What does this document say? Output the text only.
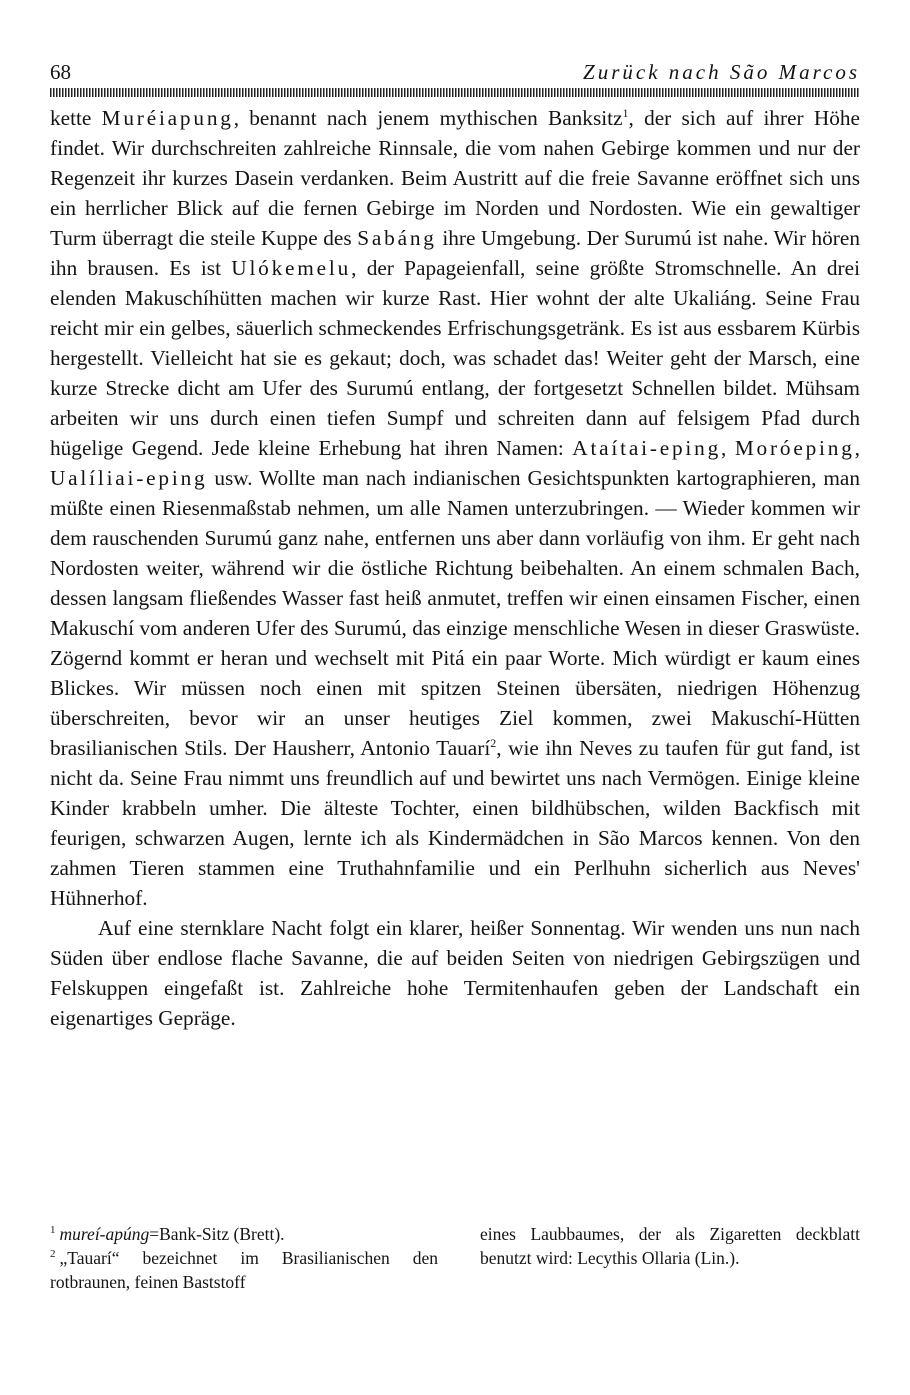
68	Zurück nach São Marcos

kette Muréiapung, benannt nach jenem mythischen Banksitz$^1$, der sich auf ihrer Höhe findet. Wir durchschreiten zahlreiche Rinnsale, die vom nahen Gebirge kommen und nur der Regenzeit ihr kurzes Dasein verdanken. Beim Austritt auf die freie Savanne eröffnet sich uns ein herrlicher Blick auf die fernen Gebirge im Norden und Nordosten. Wie ein gewaltiger Turm überragt die steile Kuppe des Sabáng ihre Umgebung. Der Surumú ist nahe. Wir hören ihn brausen. Es ist Ulókemelu, der Papageienfall, seine größte Stromschnelle. An drei elenden Makuschíhütten machen wir kurze Rast. Hier wohnt der alte Ukaliáng. Seine Frau reicht mir ein gelbes, säuerlich schmeckendes Erfrischungsgetränk. Es ist aus essbarem Kürbis hergestellt. Vielleicht hat sie es gekaut; doch, was schadet das! Weiter geht der Marsch, eine kurze Strecke dicht am Ufer des Surumú entlang, der fortgesetzt Schnellen bildet. Mühsam arbeiten wir uns durch einen tiefen Sumpf und schreiten dann auf felsigem Pfad durch hügelige Gegend. Jede kleine Erhebung hat ihren Namen: Ataítai-eping, Moróeping, Ualíliai-eping usw. Wollte man nach indianischen Gesichtspunkten kartographieren, man müßte einen Riesenmaßstab nehmen, um alle Namen unterzubringen. — Wieder kommen wir dem rauschenden Surumú ganz nahe, entfernen uns aber dann vorläufig von ihm. Er geht nach Nordosten weiter, während wir die östliche Richtung beibehalten. An einem schmalen Bach, dessen langsam fließendes Wasser fast heiß anmutet, treffen wir einen einsamen Fischer, einen Makuschí vom anderen Ufer des Surumú, das einzige menschliche Wesen in dieser Graswüste. Zögernd kommt er heran und wechselt mit Pitá ein paar Worte. Mich würdigt er kaum eines Blickes. Wir müssen noch einen mit spitzen Steinen übersäten, niedrigen Höhenzug überschreiten, bevor wir an unser heutiges Ziel kommen, zwei Makuschí-Hütten brasilianischen Stils. Der Hausherr, Antonio Tauarí$^2$, wie ihn Neves zu taufen für gut fand, ist nicht da. Seine Frau nimmt uns freundlich auf und bewirtet uns nach Vermögen. Einige kleine Kinder krabbeln umher. Die älteste Tochter, einen bildhübschen, wilden Backfisch mit feurigen, schwarzen Augen, lernte ich als Kindermädchen in São Marcos kennen. Von den zahmen Tieren stammen eine Truthahnfamilie und ein Perlhuhn sicherlich aus Neves' Hühnerhof.

Auf eine sternklare Nacht folgt ein klarer, heißer Sonnentag. Wir wenden uns nun nach Süden über endlose flache Savanne, die auf beiden Seiten von niedrigen Gebirgszügen und Felskuppen eingefaßt ist. Zahlreiche hohe Termitenhaufen geben der Landschaft ein eigenartiges Gepräge.

$^1$ mureí-apúng=Bank-Sitz (Brett).

$^2$ „Tauarí“ bezeichnet im Brasilianischen den rotbraunen, feinen Baststoff

eines Laubbaumes, der als Zigaretten deckblatt benutzt wird: Lecythis Ollaria (Lin.).
